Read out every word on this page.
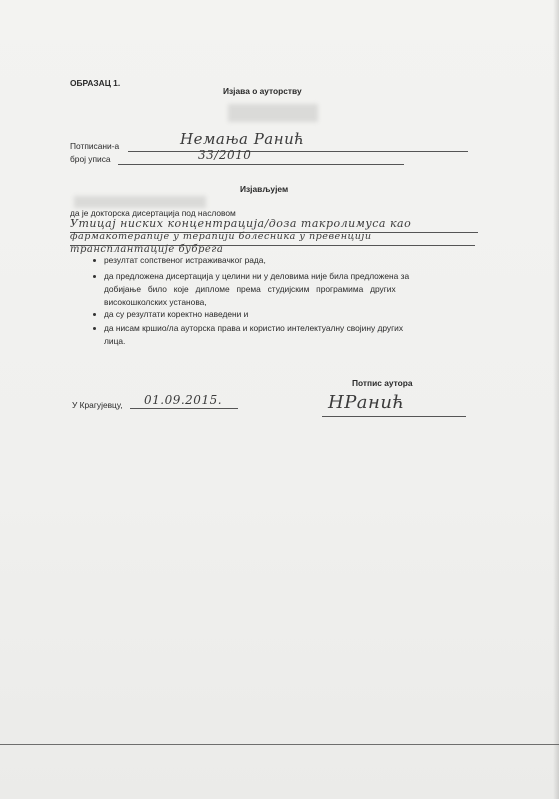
ОБРАЗАЦ 1.
Изјава о ауторству
Потписани-а	Немања Ранић
број уписа	33/2010
Изјављујем
да је докторска дисертација под насловом
Утицај ниских концентрација/доза такролимуса као
фармакотерапије у терапији болесника у превенцији
трансплантације бубрега
резултат сопственог истраживачког рада,
да предложена дисертација у целини ни у деловима није била предложена за
добијање било које дипломе према студијским програмима других
високошколских установа,
да су резултати коректно наведени и
да нисам кршио/ла ауторска права и користио интелектуалну својину других
лица.
Потпис аутора
У Крагујевцу, 01.09.2015.	НРанић
